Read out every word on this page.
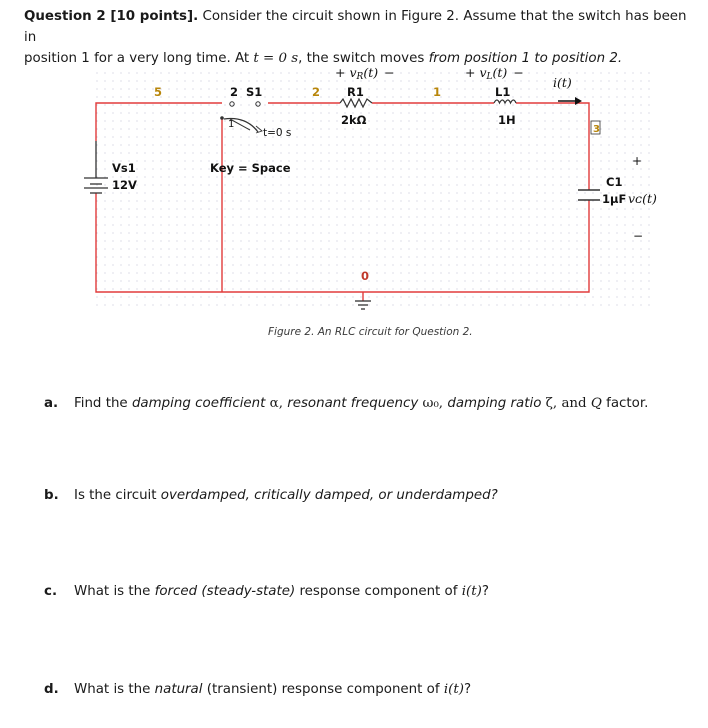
Question 2 [10 points]. Consider the circuit shown in Figure 2. Assume that the switch has been in
position 1 for a very long time. At t = 0 s, the switch moves from position 1 to position 2.
+ vR(t) −	+ vL(t) −
i(t)
5	2  S1	2 R1
2kΩ
1	L1
1H
3
1
t=0 s
Key = Space
Vs1
12V
+
C1
1µF vᴄ(t)
−
0
Figure 2. An RLC circuit for Question 2.
a. Find the damping coefficient α, resonant frequency ω₀, damping ratio ζ, and Q factor.
b. Is the circuit overdamped, critically damped, or underdamped?
c. What is the forced (steady-state) response component of i(t)?
d. What is the natural (transient) response component of i(t)?
